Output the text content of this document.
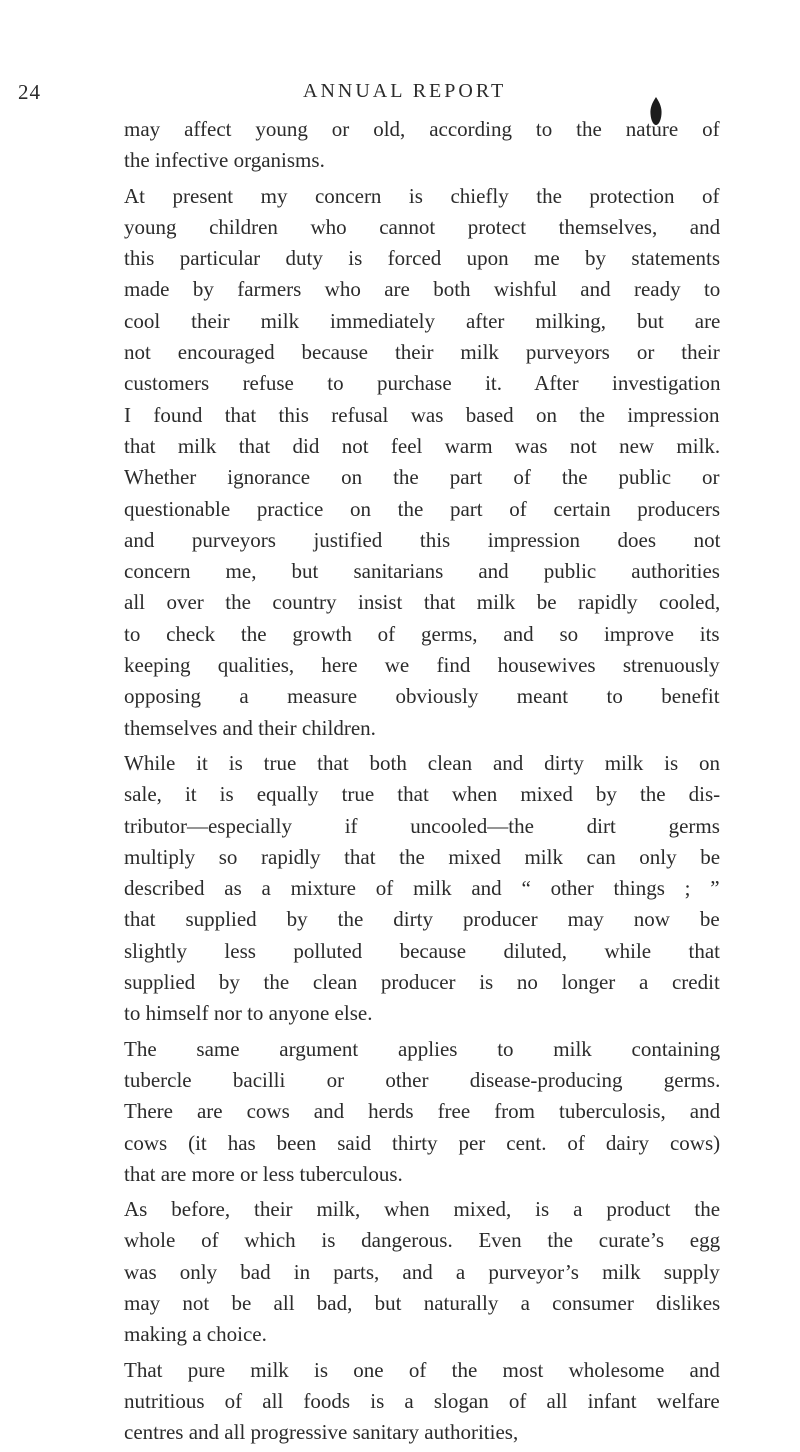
24	ANNUAL REPORT
may affect young or old, according to the nature of
the infective organisms.
At present my concern is chiefly the protection of
young children who cannot protect themselves, and
this particular duty is forced upon me by statements
made by farmers who are both wishful and ready to
cool their milk immediately after milking, but are
not encouraged because their milk purveyors or their
customers refuse to purchase it. After investigation
I found that this refusal was based on the impression
that milk that did not feel warm was not new milk.
Whether ignorance on the part of the public or
questionable practice on the part of certain producers
and purveyors justified this impression does not
concern me, but sanitarians and public authorities
all over the country insist that milk be rapidly cooled,
to check the growth of germs, and so improve its
keeping qualities, here we find housewives strenuously
opposing a measure obviously meant to benefit
themselves and their children.
While it is true that both clean and dirty milk is on
sale, it is equally true that when mixed by the dis-
tributor—especially if uncooled—the dirt germs
multiply so rapidly that the mixed milk can only be
described as a mixture of milk and “ other things ; ”
that supplied by the dirty producer may now be
slightly less polluted because diluted, while that
supplied by the clean producer is no longer a credit
to himself nor to anyone else.
The same argument applies to milk containing
tubercle bacilli or other disease-producing germs.
There are cows and herds free from tuberculosis, and
cows (it has been said thirty per cent. of dairy cows)
that are more or less tuberculous.
As before, their milk, when mixed, is a product the
whole of which is dangerous. Even the curate’s egg
was only bad in parts, and a purveyor’s milk supply
may not be all bad, but naturally a consumer dislikes
making a choice.
That pure milk is one of the most wholesome and
nutritious of all foods is a slogan of all infant welfare
centres and all progressive sanitary authorities,
